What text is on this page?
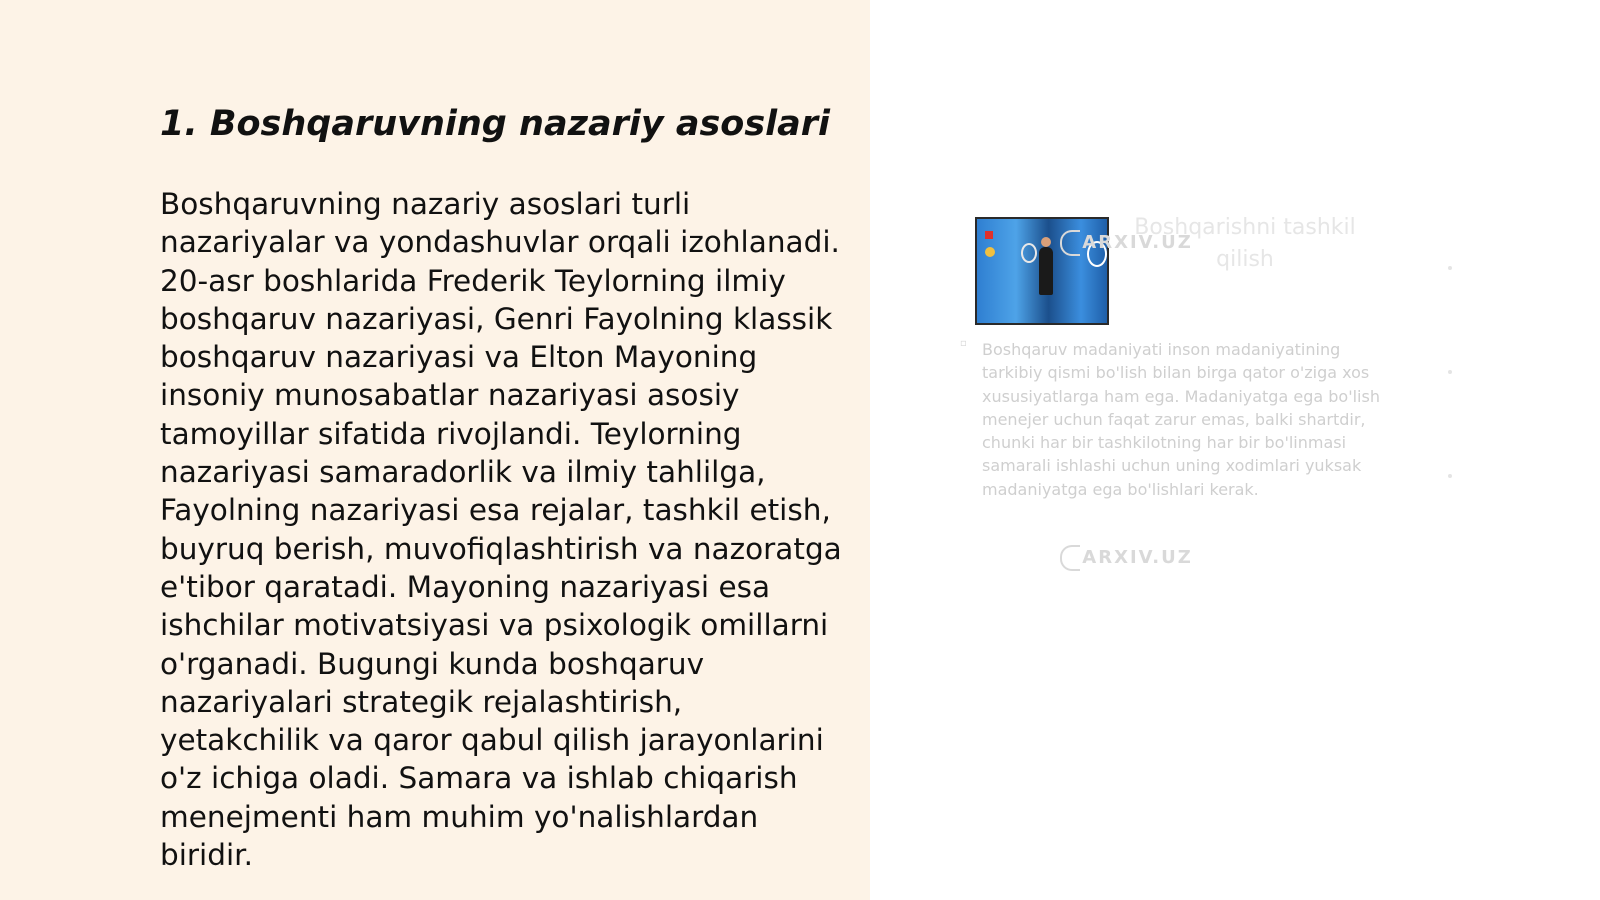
1. Boshqaruvning nazariy asoslari

Boshqaruvning nazariy asoslari turli nazariyalar va yondashuvlar orqali izohlanadi. 20-asr boshlarida Frederik Teylorning ilmiy boshqaruv nazariyasi, Genri Fayolning klassik boshqaruv nazariyasi va Elton Mayoning insoniy munosabatlar nazariyasi asosiy tamoyillar sifatida rivojlandi. Teylorning nazariyasi samaradorlik va ilmiy tahlilga, Fayolning nazariyasi esa rejalar, tashkil etish, buyruq berish, muvofiqlashtirish va nazoratga e'tibor qaratadi. Mayoning nazariyasi esa ishchilar motivatsiyasi va psixologik omillarni o'rganadi. Bugungi kunda boshqaruv nazariyalari strategik rejalashtirish, yetakchilik va qaror qabul qilish jarayonlarini o'z ichiga oladi. Samara va ishlab chiqarish menejmenti ham muhim yo'nalishlardan biridir.

Boshqarishni tashkil qilish
▫ Boshqaruv madaniyati inson madaniyatining tarkibiy qismi bo'lish bilan birga qator o'ziga xos xususiyatlarga ham ega. Madaniyatga ega bo'lish menejer uchun faqat zarur emas, balki shartdir, chunki har bir tashkilotning har bir bo'linmasi samarali ishlashi uchun uning xodimlari yuksak madaniyatga ega bo'lishlari kerak.
ARXIV.UZ
ARXIV.UZ
